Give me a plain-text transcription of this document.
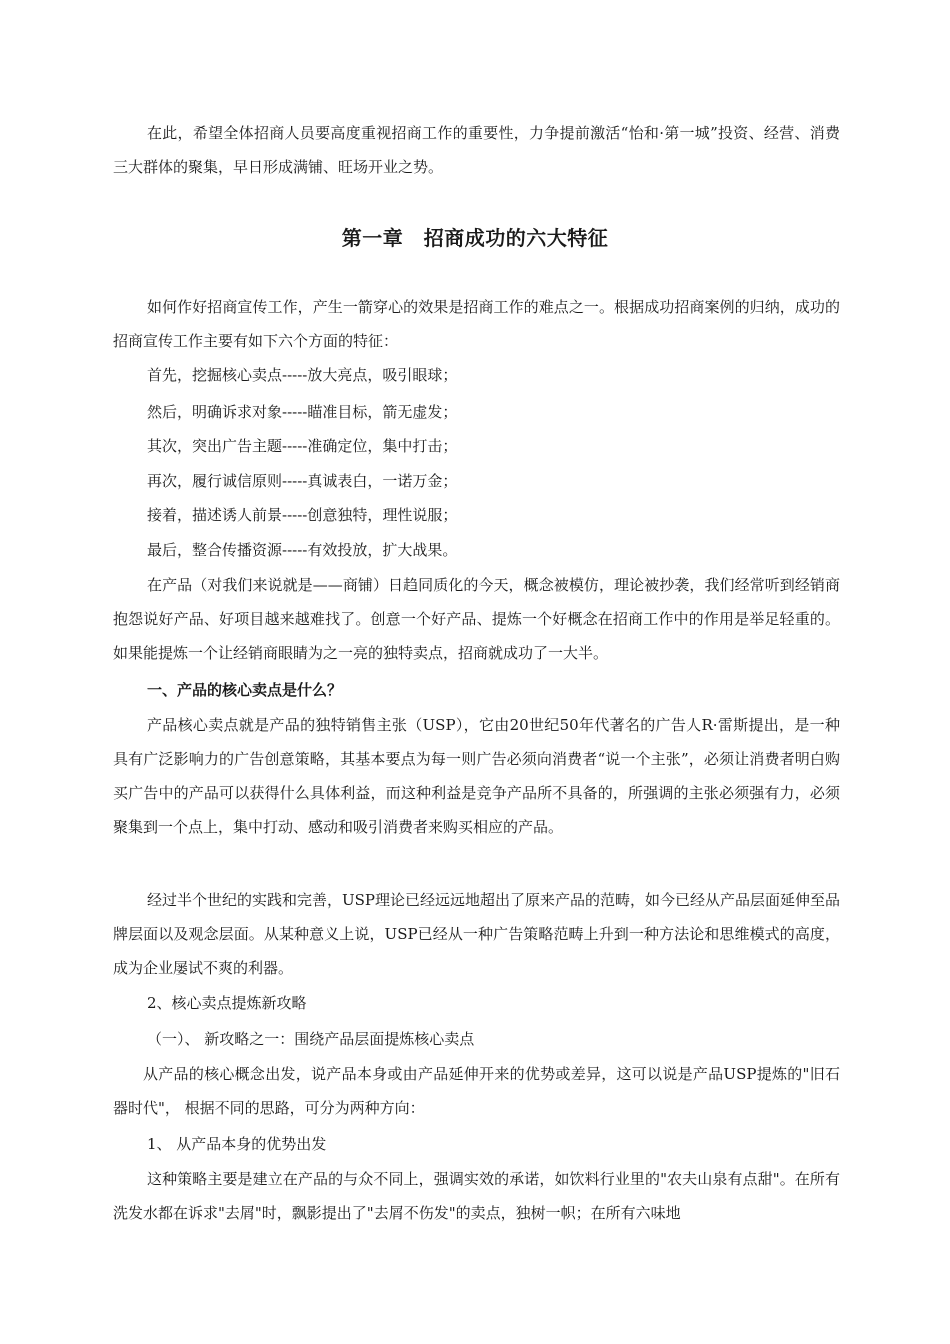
在此，希望全体招商人员要高度重视招商工作的重要性，力争提前激活“怡和·第一城”投资、经营、消费三大群体的聚集，早日形成满铺、旺场开业之势。

第一章　招商成功的六大特征

如何作好招商宣传工作，产生一箭穿心的效果是招商工作的难点之一。根据成功招商案例的归纳，成功的招商宣传工作主要有如下六个方面的特征：

首先，挖掘核心卖点-----放大亮点，吸引眼球；

然后，明确诉求对象-----瞄准目标，箭无虚发；

其次，突出广告主题-----准确定位，集中打击；

再次，履行诚信原则-----真诚表白，一诺万金；

接着，描述诱人前景-----创意独特，理性说服；

最后，整合传播资源-----有效投放，扩大战果。

在产品（对我们来说就是——商铺）日趋同质化的今天，概念被模仿，理论被抄袭，我们经常听到经销商抱怨说好产品、好项目越来越难找了。创意一个好产品、提炼一个好概念在招商工作中的作用是举足轻重的。如果能提炼一个让经销商眼睛为之一亮的独特卖点，招商就成功了一大半。

一、产品的核心卖点是什么？

产品核心卖点就是产品的独特销售主张（USP），它由20世纪50年代著名的广告人R·雷斯提出，是一种具有广泛影响力的广告创意策略，其基本要点为每一则广告必须向消费者“说一个主张”，必须让消费者明白购买广告中的产品可以获得什么具体利益，而这种利益是竞争产品所不具备的，所强调的主张必须强有力，必须聚集到一个点上，集中打动、感动和吸引消费者来购买相应的产品。

经过半个世纪的实践和完善，USP理论已经远远地超出了原来产品的范畴，如今已经从产品层面延伸至品牌层面以及观念层面。从某种意义上说，USP已经从一种广告策略范畴上升到一种方法论和思维模式的高度，成为企业屡试不爽的利器。

2、核心卖点提炼新攻略

（一）、 新攻略之一：围绕产品层面提炼核心卖点

从产品的核心概念出发，说产品本身或由产品延伸开来的优势或差异，这可以说是产品USP提炼的"旧石器时代"， 根据不同的思路，可分为两种方向：

1、 从产品本身的优势出发

这种策略主要是建立在产品的与众不同上，强调实效的承诺，如饮料行业里的"农夫山泉有点甜"。在所有洗发水都在诉求"去屑"时，飘影提出了"去屑不伤发"的卖点，独树一帜；在所有六味地
